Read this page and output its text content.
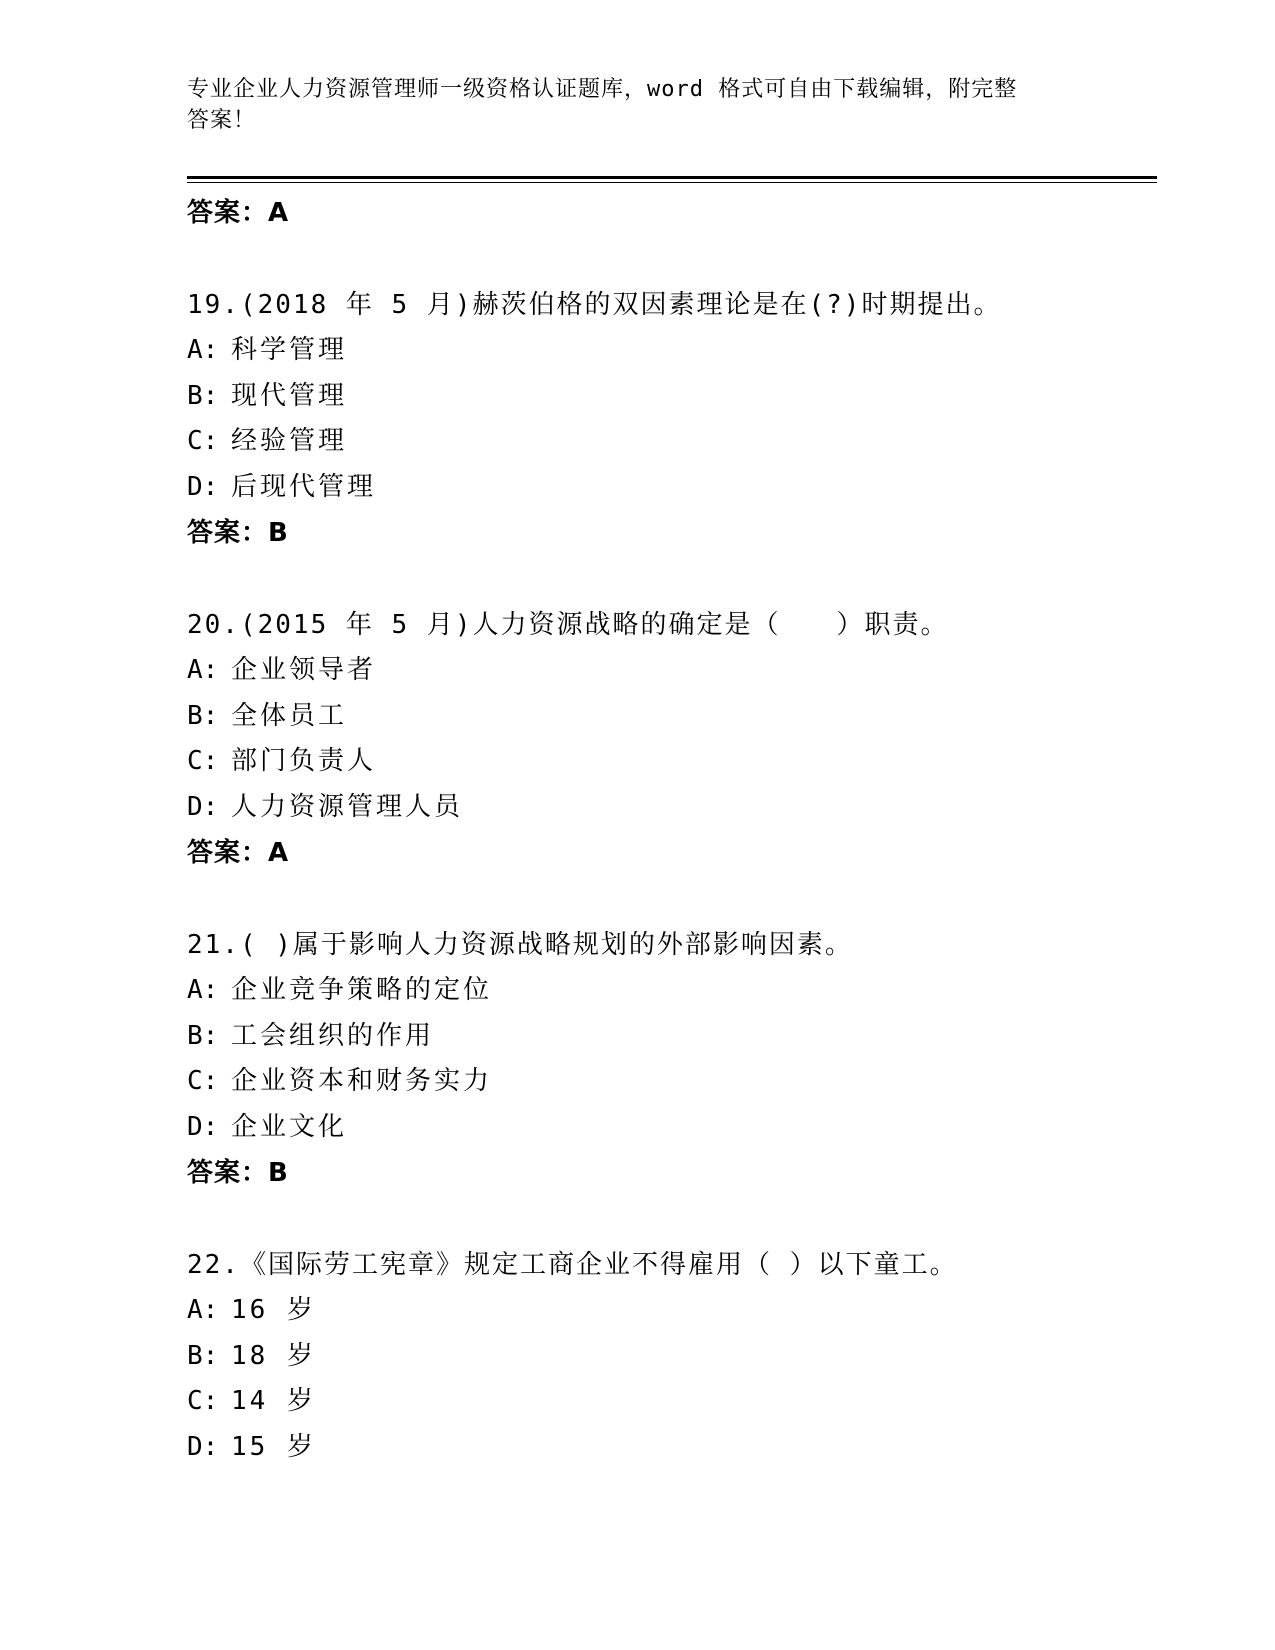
专业企业人力资源管理师一级资格认证题库，word 格式可自由下载编辑，附完整
答案！
答案：A
19.(2018 年 5 月)赫茨伯格的双因素理论是在(?)时期提出。
A: 科学管理
B: 现代管理
C: 经验管理
D: 后现代管理
答案：B
20.(2015 年 5 月)人力资源战略的确定是（　　）职责。
A: 企业领导者
B: 全体员工
C: 部门负责人
D: 人力资源管理人员
答案：A
21.( )属于影响人力资源战略规划的外部影响因素。
A: 企业竞争策略的定位
B: 工会组织的作用
C: 企业资本和财务实力
D: 企业文化
答案：B
22.《国际劳工宪章》规定工商企业不得雇用（ ）以下童工。
A: 16 岁
B: 18 岁
C: 14 岁
D: 15 岁
